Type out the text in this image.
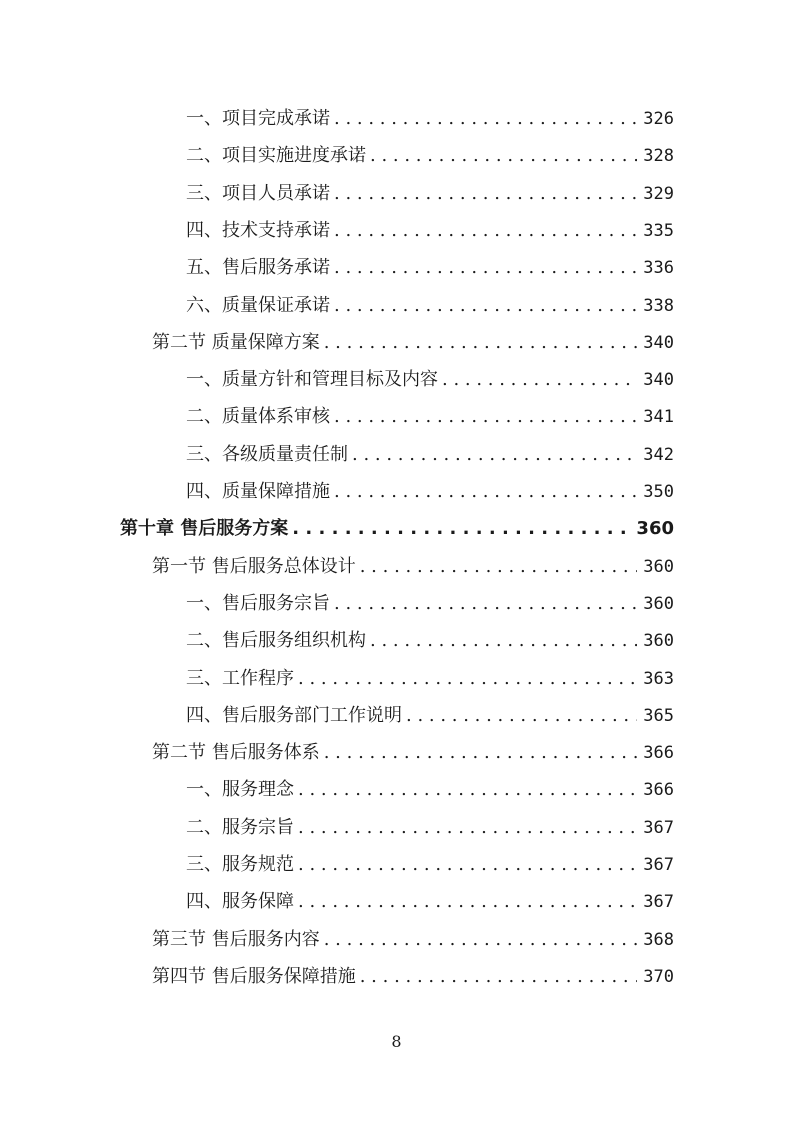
一、项目完成承诺 . . .	326
二、项目实施进度承诺 . . .	328
三、项目人员承诺 . . .	329
四、技术支持承诺 . . .	335
五、售后服务承诺 . . .	336
六、质量保证承诺 . . .	338
第二节 质量保障方案 . . .	340
一、质量方针和管理目标及内容 . . .	340
二、质量体系审核 . . .	341
三、各级质量责任制 . . .	342
四、质量保障措施 . . .	350
第十章 售后服务方案 . . .	360
第一节 售后服务总体设计 . . .	360
一、售后服务宗旨 . . .	360
二、售后服务组织机构 . . .	360
三、工作程序 . . .	363
四、售后服务部门工作说明 . . .	365
第二节 售后服务体系 . . .	366
一、服务理念 . . .	366
二、服务宗旨 . . .	367
三、服务规范 . . .	367
四、服务保障 . . .	367
第三节 售后服务内容 . . .	368
第四节 售后服务保障措施 . . .	370
8
